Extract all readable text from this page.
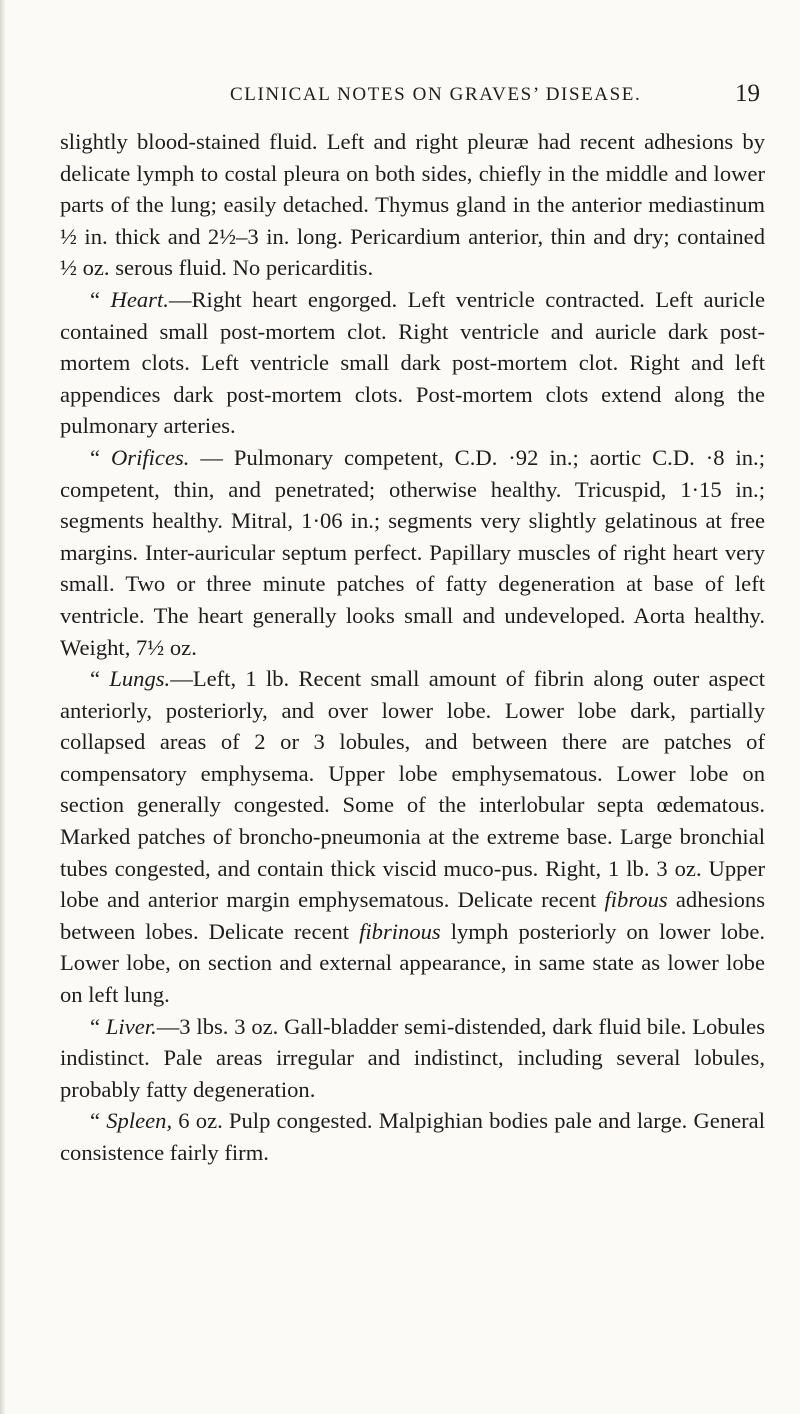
CLINICAL NOTES ON GRAVES’ DISEASE.	19

slightly blood-stained fluid. Left and right pleuræ had recent adhesions by delicate lymph to costal pleura on both sides, chiefly in the middle and lower parts of the lung; easily detached. Thymus gland in the anterior mediastinum ½ in. thick and 2½–3 in. long. Pericardium anterior, thin and dry; contained ½ oz. serous fluid. No pericarditis.

“ Heart.—Right heart engorged. Left ventricle contracted. Left auricle contained small post-mortem clot. Right ventricle and auricle dark post-mortem clots. Left ventricle small dark post-mortem clot. Right and left appendices dark post-mortem clots. Post-mortem clots extend along the pulmonary arteries.

“ Orifices. — Pulmonary competent, C.D. ·92 in.; aortic C.D. ·8 in.; competent, thin, and penetrated; otherwise healthy. Tricuspid, 1·15 in.; segments healthy. Mitral, 1·06 in.; segments very slightly gelatinous at free margins. Inter-auricular septum perfect. Papillary muscles of right heart very small. Two or three minute patches of fatty degeneration at base of left ventricle. The heart generally looks small and undeveloped. Aorta healthy. Weight, 7½ oz.

“ Lungs.—Left, 1 lb. Recent small amount of fibrin along outer aspect anteriorly, posteriorly, and over lower lobe. Lower lobe dark, partially collapsed areas of 2 or 3 lobules, and between there are patches of compensatory emphysema. Upper lobe emphysematous. Lower lobe on section generally congested. Some of the interlobular septa œdematous. Marked patches of broncho-pneumonia at the extreme base. Large bronchial tubes congested, and contain thick viscid muco-pus. Right, 1 lb. 3 oz. Upper lobe and anterior margin emphysematous. Delicate recent fibrous adhesions between lobes. Delicate recent fibrinous lymph posteriorly on lower lobe. Lower lobe, on section and external appearance, in same state as lower lobe on left lung.

“ Liver.—3 lbs. 3 oz. Gall-bladder semi-distended, dark fluid bile. Lobules indistinct. Pale areas irregular and indistinct, including several lobules, probably fatty degeneration.

“ Spleen, 6 oz. Pulp congested. Malpighian bodies pale and large. General consistence fairly firm.
